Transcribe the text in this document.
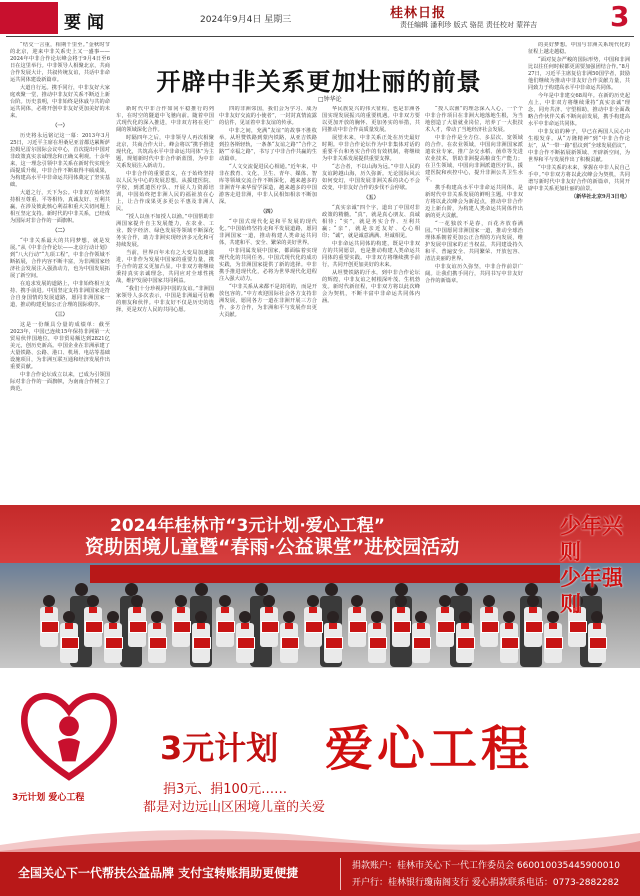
要闻	2024年9月4日 星期三	桂林日报
责任编辑 潘利珍 版式 骆昆 责任校对 蒙祥吉	3

“结交一言重，相期千里至。”金秋时节的北京，迎来中非关系史上又一盛事——2024年中非合作论坛峰会将于9月4日至6日在这里举行。中非领导人相聚北京，共商合作发展大计，共叙传统友谊，共话中非命运共同体建设新篇章。

大道自行远。携手同行，中非友好大家庭欢聚一堂，推动中非友好关系不断迈上新台阶。历史表明，中非始终是休戚与共的命运共同体，必将开创中非友好更加美好的未来。

（一）

历史将永远铭记这一幕：2013年3月25日，习近平主席在坦桑尼亚首都达累斯萨拉姆尼雷尔国际会议中心，首次提出中国对非政策真实亲诚理念和正确义利观。十余年来，这一理念引领中非关系在新时代实现全面提质升级，中非合作不断取得丰硕成果，为构建高水平中非命运共同体奠定了坚实基础。

大道之行，天下为公。中非双方始终坚持相互尊重、平等相待，真诚友好、互利共赢，在涉及彼此核心利益和重大关切问题上相互坚定支持。新时代的中非关系，已经成为国际对非合作的一面旗帜。

（二）

“中非关系最大的共同梦想，就是发展。”从《中非合作论坛——北京行动计划》到“八大行动”“九项工程”，中非合作领域不断拓展，合作内容不断丰富，为非洲国家经济社会发展注入强劲动力，也为中国发展拓展了新空间。

在追求发展的道路上，中非始终相互支持、携手前进。中国坚定支持非洲国家走符合自身国情的发展道路，愿同非洲国家一道，推动构建更加公正合理的国际秩序。

（三）

这是一份颇具分量的成绩单：截至2023年，中国已连续15年保持非洲第一大贸易伙伴国地位，中非贸易额达到2821亿美元，创历史新高。中国企业在非洲承建了大量铁路、公路、港口、机场、电站等基础设施项目，为非洲互联互通和经济发展作出重要贡献。

中非合作论坛成立以来，已成为引领国际对非合作的一面旗帜，为南南合作树立了典范。

开辟中非关系更加壮丽的前景
□钟华论

新时代中非合作如同平稳推行的列车，在时空的隧道中飞驰向前。随着中国式现代化的深入推进，中非双方将在更广阔的领域深化合作。

时隔四年之后，中非领导人再次相聚北京，共商合作大计。峰会将以“携手推进现代化，共筑高水平中非命运共同体”为主题，规划新时代中非合作新蓝图，为中非关系发展注入新动力。

中非合作的重要意义，在于始终坚持以人民为中心的发展思想。从援建医院、学校，到派遣医疗队、开展人力资源培训，中国始终把非洲人民的福祉放在心上，让合作成果更多更公平惠及非洲人民。

“授人以鱼不如授人以渔。”中国帮助非洲国家提升自主发展能力，在农业、工业、数字经济、绿色发展等领域不断深化务实合作，助力非洲实现经济多元化和可持续发展。

当前，世界百年未有之大变局加速演进，中非作为发展中国家的重要力量，携手合作的意义更加凸显。中非双方将继续秉持真实亲诚理念，共同应对全球性挑战，维护发展中国家共同利益。

“我们十分珍视同中国的友谊。”非洲国家领导人多次表示，中国是非洲最可信赖的朋友和伙伴。中非友好不仅是历史的选择，更是双方人民的共同心愿。

四的非洲邻国，我们会为学习、成为中非友好交流的小使者”，一封封真情流露的信件，见证着中非友谊的传承。

中非之间，充满“友谊”的故事不胜枚举。从坦赞铁路到蒙内铁路，从亚吉铁路到拉各斯轻轨，一条条“友谊之路”“合作之路”“幸福之路”，书写了中非合作共赢的生动篇章。

“人文交流促进民心相通。”近年来，中非在教育、文化、卫生、青年、媒体、智库等领域交流合作不断深化，越来越多的非洲青年来华留学深造，越来越多的中国游客走进非洲，中非人民相知相亲不断加深。

（四）

“中国式现代化是和平发展的现代化。”中国始终坚持走和平发展道路，愿同非洲国家一道，推动构建人类命运共同体，共建和平、安全、繁荣的美好世界。

中非同属发展中国家，都面临着实现现代化的共同任务。中国式现代化的成功实践，为非洲国家提供了新的选择。中非携手推进现代化，必将为世界现代化进程注入强大动力。

“中非关系从来都不是封闭的，而是开放包容的。”中方欢迎国际社会各方支持非洲发展，愿同各方一道在非洲开展三方合作、多方合作，为非洲和平与发展作出更大贡献。

华民族复兴的伟大征程，也是非洲各国实现发展振兴的重要机遇。中非双方要以更加开放的胸怀、更加务实的举措，共同推动中非合作高质量发展。

展望未来，中非关系正处在历史最好时期。中非合作论坛作为中非集体对话的重要平台和务实合作的有效机制，将继续为中非关系发展提供重要支撑。

“志合者，不以山海为远。”中非人民的友谊跨越山海，历久弥新。无论国际风云如何变幻，中国发展非洲关系的决心不会改变，中非友好合作的步伐不会停歇。

（五）

“真实亲诚”四个字，道出了中国对非政策的精髓。“真”，就是真心朋友、真诚相待；“实”，就是务实合作、互利共赢；“亲”，就是亲近友好、心心相印；“诚”，就是诚意满满、坦诚相见。

中非命运共同体的构建，既是中非双方的共同愿景，也是推动构建人类命运共同体的重要实践。中非双方将继续携手前行，共同开创更加美好的未来。

从坦赞铁路的汗水，到中非合作论坛的辉煌，中非友谊之树根深叶茂、生机勃发。新时代新征程，中非双方将以此次峰会为契机，不断丰富中非命运共同体内涵。

“授人以渔”的理念深入人心，一个个中非合作项目在非洲大地落地生根，为当地创造了大量就业岗位，培养了一大批技术人才，带动了当地经济社会发展。

中非合作是全方位、多层次、宽领域的合作。在农业领域，中国向非洲国家派遣农业专家，推广杂交水稻、菌草等先进农业技术，帮助非洲提高粮食生产能力；在卫生领域，中国向非洲派遣医疗队，援建医院和疾控中心，提升非洲公共卫生水平。

携手构建高水平中非命运共同体，是新时代中非关系发展的鲜明主题。中非双方将以此次峰会为新起点，推动中非合作迈上新台阶，为构建人类命运共同体作出新的更大贡献。

“一花独放不是春，百花齐放春满园。”中国愿同非洲国家一道，推动全球治理体系朝着更加公正合理的方向发展，维护发展中国家的正当权益，共同建设持久和平、普遍安全、共同繁荣、开放包容、清洁美丽的世界。

中非友谊历久弥坚，中非合作前景广阔。让我们携手同行，共同书写中非友好合作的新篇章。

的美好梦想。中国与非洲关系现代化的征程上越走越稳。

“面对复杂严峻的国际形势，中国和非洲比以往任何时候都更需要加强团结合作。”8月27日，习近平主席复信非洲50国学者，鼓励他们继续为推动中非友好合作贡献力量，共同致力于构建高水平中非命运共同体。

今年是中非建交68周年。在新的历史起点上，中非双方将继续秉持“真实亲诚”理念，同舟共济、守望相助，推动中非全面战略合作伙伴关系不断向前发展，携手构建高水平中非命运共同体。

中非友谊的种子，早已在两国人民心中生根发芽。从“万隆精神”到“中非合作论坛”，从“一带一路”倡议到“全球发展倡议”，中非合作不断拓展新领域、开辟新空间，为世界和平与发展作出了积极贡献。

“中非关系的未来，掌握在中非人民自己手中。”中非双方将以此次峰会为契机，共同谱写新时代中非友好合作的新篇章，共同开辟中非关系更加壮丽的前景。

（新华社北京9月3日电）

2024年桂林市“3元计划·爱心工程”
资助困境儿童暨“春雨·公益课堂”进校园活动
少年兴则
少年强则
3元计划 爱心工程
3元计划 爱心工程
捐3元、捐100元……
都是对边远山区困境儿童的关爱
全国关心下一代帮扶公益品牌 支付宝转账捐助更便捷	捐款账户：桂林市关心下一代工作委员会 660010035445900010
开户行：桂林银行瓊南阁支行 爱心捐款联系电话：0773-2882282
